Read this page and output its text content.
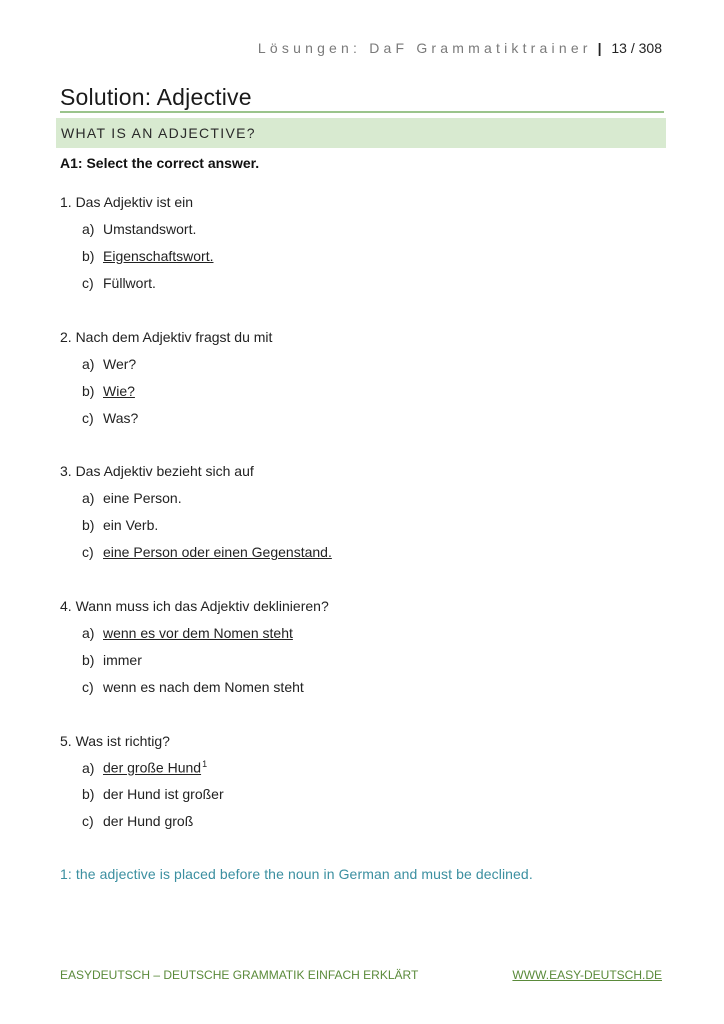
Lösungen: DaF Grammatiktrainer | 13 / 308
Solution: Adjective
WHAT IS AN ADJECTIVE?
A1: Select the correct answer.
1. Das Adjektiv ist ein
a) Umstandswort.
b) Eigenschaftswort.
c) Füllwort.
2. Nach dem Adjektiv fragst du mit
a) Wer?
b) Wie?
c) Was?
3. Das Adjektiv bezieht sich auf
a) eine Person.
b) ein Verb.
c) eine Person oder einen Gegenstand.
4. Wann muss ich das Adjektiv deklinieren?
a) wenn es vor dem Nomen steht
b) immer
c) wenn es nach dem Nomen steht
5. Was ist richtig?
a) der große Hund$^1$
b) der Hund ist großer
c) der Hund groß
1: the adjective is placed before the noun in German and must be declined.
EASYDEUTSCH – DEUTSCHE GRAMMATIK EINFACH ERKLÄRT	WWW.EASY-DEUTSCH.DE
